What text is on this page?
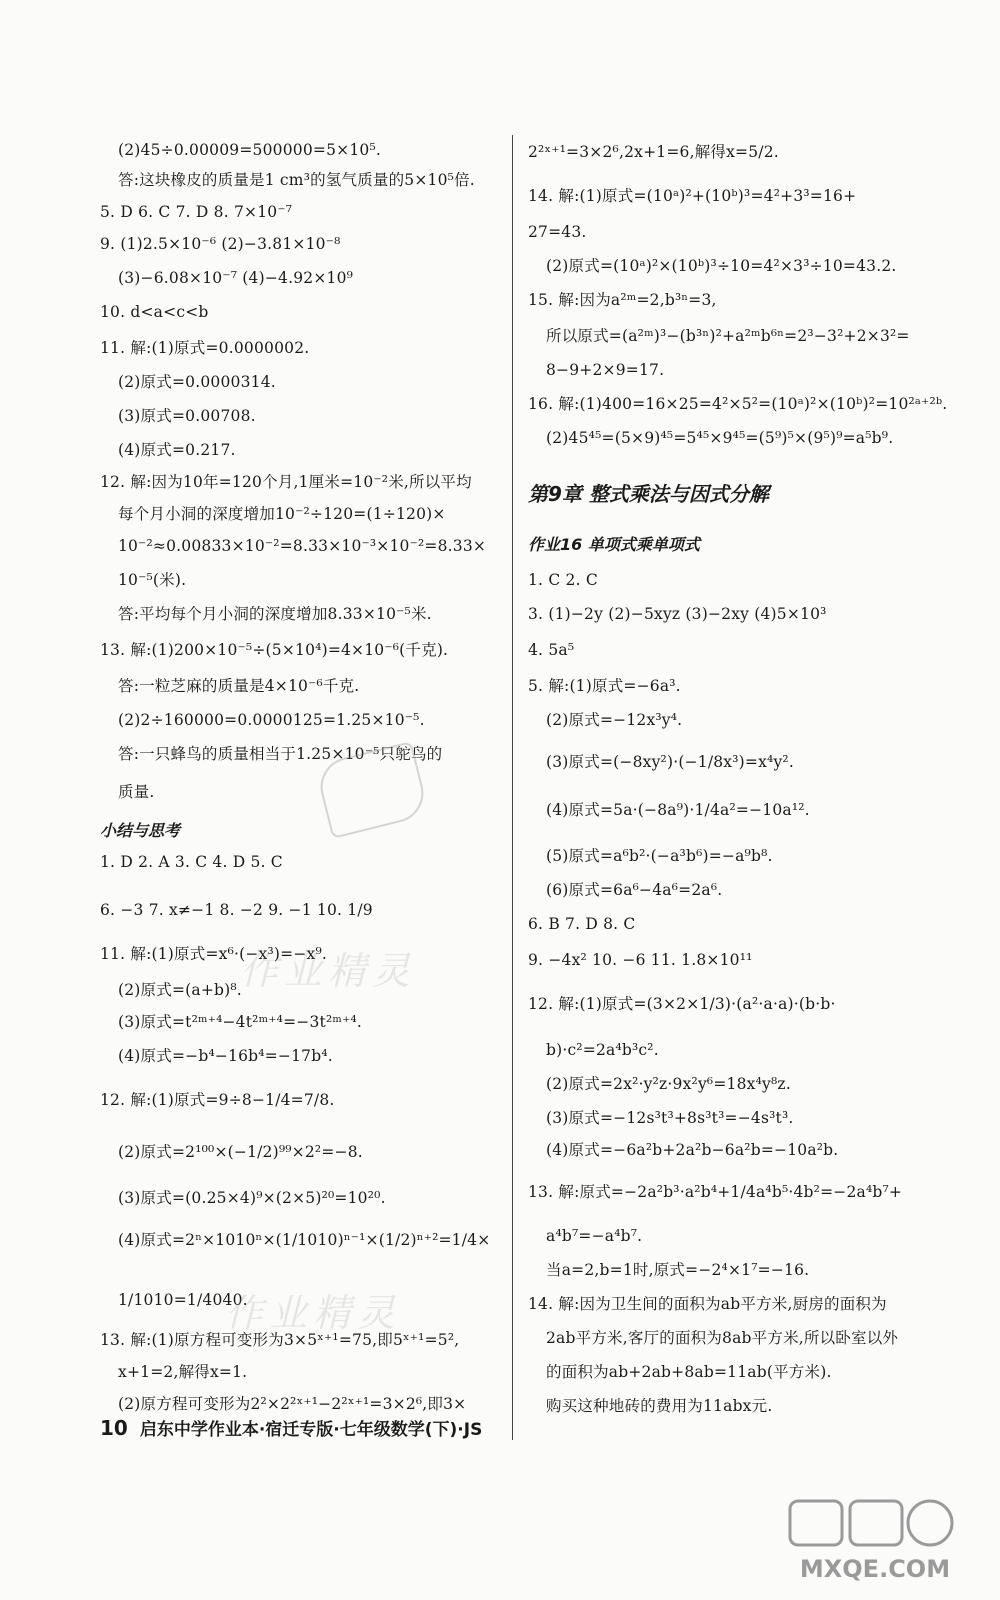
(2)45÷0.00009=500000=5×10⁵.
答:这块橡皮的质量是1 cm³的氢气质量的5×10⁵倍.
5. D 6. C 7. D 8. 7×10⁻⁷
9. (1)2.5×10⁻⁶ (2)−3.81×10⁻⁸
(3)−6.08×10⁻⁷ (4)−4.92×10⁹
10. d<a<c<b
11. 解:(1)原式=0.0000002.
(2)原式=0.0000314.
(3)原式=0.00708.
(4)原式=0.217.
12. 解:因为10年=120个月,1厘米=10⁻²米,所以平均
每个月小洞的深度增加10⁻²÷120=(1÷120)×
10⁻²≈0.00833×10⁻²=8.33×10⁻³×10⁻²=8.33×
10⁻⁵(米).
答:平均每个月小洞的深度增加8.33×10⁻⁵米.
13. 解:(1)200×10⁻⁵÷(5×10⁴)=4×10⁻⁶(千克).
答:一粒芝麻的质量是4×10⁻⁶千克.
(2)2÷160000=0.0000125=1.25×10⁻⁵.
答:一只蜂鸟的质量相当于1.25×10⁻⁵只鸵鸟的
质量.
1. D 2. A 3. C 4. D 5. C
6. −3 7. x≠−1 8. −2 9. −1 10. 1/9
11. 解:(1)原式=x⁶·(−x³)=−x⁹.
(2)原式=(a+b)⁸.
(3)原式=t²ᵐ⁺⁴−4t²ᵐ⁺⁴=−3t²ᵐ⁺⁴.
(4)原式=−b⁴−16b⁴=−17b⁴.
12. 解:(1)原式=9÷8−1/4=7/8.
(2)原式=2¹⁰⁰×(−1/2)⁹⁹×2²=−8.
(3)原式=(0.25×4)⁹×(2×5)²⁰=10²⁰.
(4)原式=2ⁿ×1010ⁿ×(1/1010)ⁿ⁻¹×(1/2)ⁿ⁺²=1/4×
1/1010=1/4040.
13. 解:(1)原方程可变形为3×5ˣ⁺¹=75,即5ˣ⁺¹=5²,
x+1=2,解得x=1.
(2)原方程可变形为2²×2²ˣ⁺¹−2²ˣ⁺¹=3×2⁶,即3×
小结与思考
2²ˣ⁺¹=3×2⁶,2x+1=6,解得x=5/2.
14. 解:(1)原式=(10ᵃ)²+(10ᵇ)³=4²+3³=16+
27=43.
(2)原式=(10ᵃ)²×(10ᵇ)³÷10=4²×3³÷10=43.2.
15. 解:因为a²ᵐ=2,b³ⁿ=3,
所以原式=(a²ᵐ)³−(b³ⁿ)²+a²ᵐb⁶ⁿ=2³−3²+2×3²=
8−9+2×9=17.
16. 解:(1)400=16×25=4²×5²=(10ᵃ)²×(10ᵇ)²=10²ᵃ⁺²ᵇ.
(2)45⁴⁵=(5×9)⁴⁵=5⁴⁵×9⁴⁵=(5⁹)⁵×(9⁵)⁹=a⁵b⁹.
1. C 2. C
3. (1)−2y (2)−5xyz (3)−2xy (4)5×10³
4. 5a⁵
5. 解:(1)原式=−6a³.
(2)原式=−12x³y⁴.
(3)原式=(−8xy²)·(−1/8x³)=x⁴y².
(4)原式=5a·(−8a⁹)·1/4a²=−10a¹².
(5)原式=a⁶b²·(−a³b⁶)=−a⁹b⁸.
(6)原式=6a⁶−4a⁶=2a⁶.
6. B 7. D 8. C
9. −4x² 10. −6 11. 1.8×10¹¹
12. 解:(1)原式=(3×2×1/3)·(a²·a·a)·(b·b·
b)·c²=2a⁴b³c².
(2)原式=2x²·y²z·9x²y⁶=18x⁴y⁸z.
(3)原式=−12s³t³+8s³t³=−4s³t³.
(4)原式=−6a²b+2a²b−6a²b=−10a²b.
13. 解:原式=−2a²b³·a²b⁴+1/4a⁴b⁵·4b²=−2a⁴b⁷+
a⁴b⁷=−a⁴b⁷.
当a=2,b=1时,原式=−2⁴×1⁷=−16.
14. 解:因为卫生间的面积为ab平方米,厨房的面积为
2ab平方米,客厅的面积为8ab平方米,所以卧室以外
的面积为ab+2ab+8ab=11ab(平方米).
购买这种地砖的费用为11abx元.
第9章 整式乘法与因式分解
作业16 单项式乘单项式
作业精灵
作业精灵
10 启东中学作业本·宿迁专版·七年级数学(下)·JS
MXQE.COM
